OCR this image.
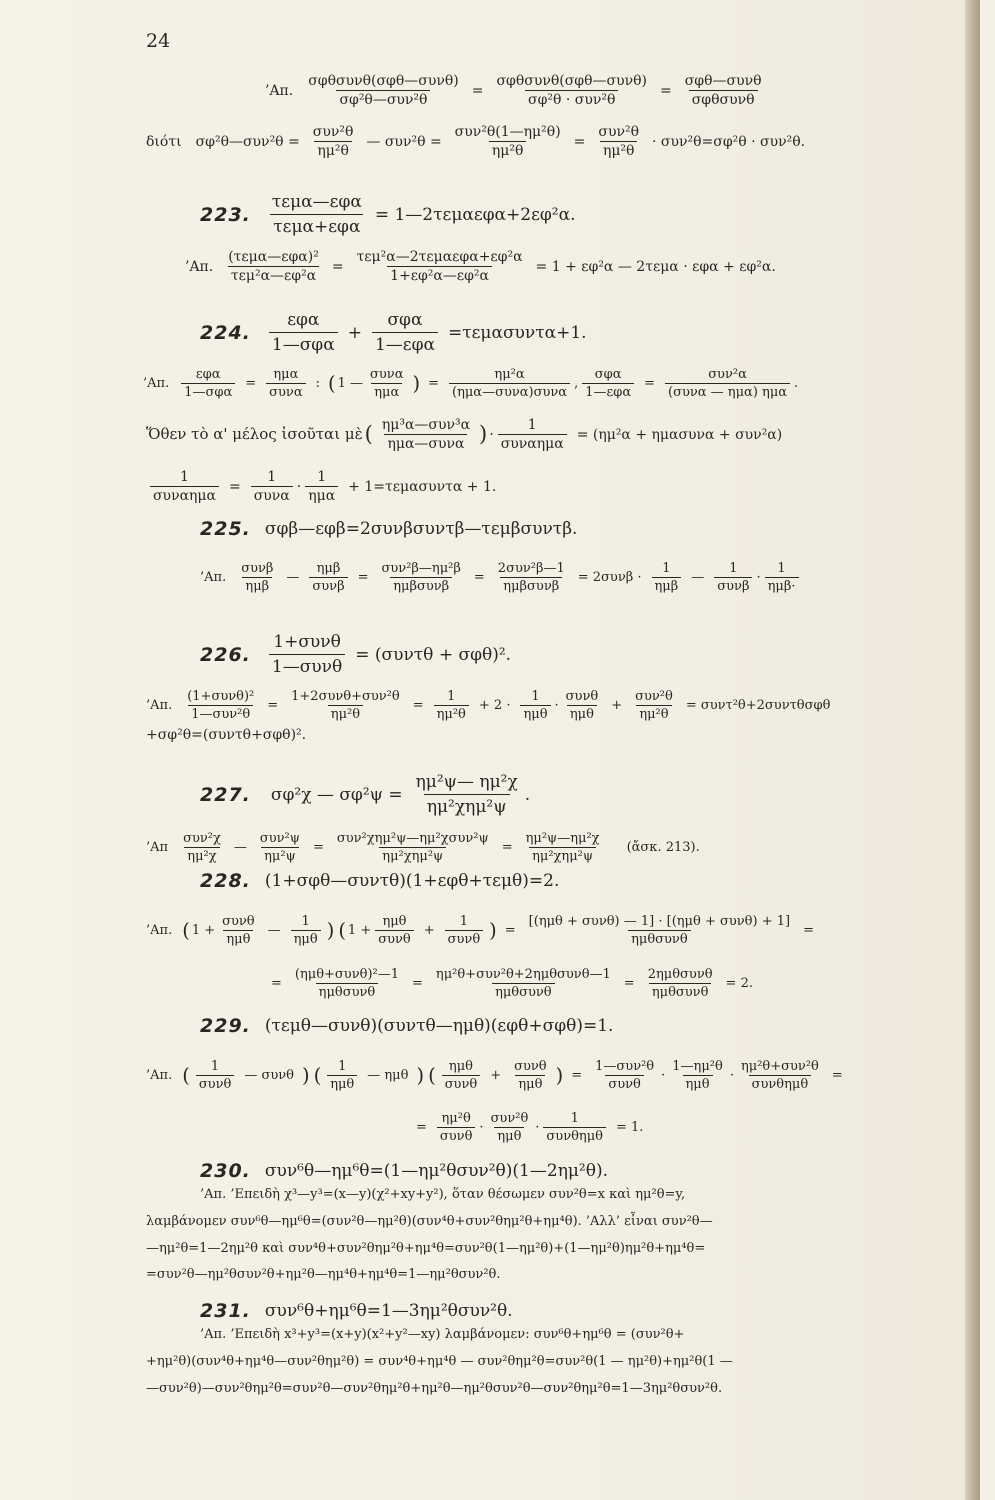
24
’Απ. $\frac{\text{σφθσυνθ(σφθ—συνθ)}}{\text{σφ²θ—συν²θ}} = \frac{\text{σφθσυνθ(σφθ—συνθ)}}{\text{σφ²θ · συν²θ}} = \frac{\text{σφθ—συνθ}}{\text{σφθσυνθ}}$
διότι σφ²θ—συν²θ = $\frac{\text{συν²θ}}{\text{ημ²θ}}$ — $\sigma\upsilon\nu^2\theta = \frac{\text{συν²θ(1—ημ²θ)}}{\text{ημ²θ}} = \frac{\text{συν²θ}}{\text{ημ²θ}} \cdot \sigma\upsilon\nu^2\theta=\sigma\varphi^2\theta \cdot \sigma\upsilon\nu^2\theta$.
223. $\frac{\text{τεμα—εφα}}{\text{τεμα+εφα}}$ = 1—2τεμαεφα+2εφ²α.
’Απ. $\frac{\text{(τεμα—εφα)²}}{\text{τεμ²α—εφ²α}} = \frac{\text{τεμ²α—2τεμαεφα+εφ²α}}{\text{1+εφ²α—εφ²α}} = 1 + \varepsilon\varphi^2\alpha$ — 2τεμα · εφα + εφ²α.
224. $\frac{\text{εφα}}{\text{1—σφα}} + \frac{\text{σφα}}{\text{1—εφα}} =\tau\varepsilon\mu\alpha\sigma\upsilon\nu\tau\alpha+1$.
’Απ. $\frac{\text{εφα}}{\text{1—σφα}} = \frac{\text{ημα}}{\text{συνα}}$ : ( 1 — $\frac{\text{συνα}}{\text{ημα}}$ ) = $\frac{\text{ημ²α}}{\text{(ημα—συνα)συνα}}$ , $\frac{\text{σφα}}{\text{1—εφα}} = \frac{\text{συν²α}}{\text{(συνα — ημα) ημα}}$ .
Ὅθεν τὸ α' μέλος ἰσοῦται μὲ ( $\frac{\text{ημ³α—συν³α}}{\text{ημα—συνα}}$ ) · $\frac{1}{\text{συναημα}} = (\eta\mu^2\alpha + \eta\mu\alpha\sigma\upsilon\nu\alpha + \sigma\upsilon\nu^2\alpha)$
$\frac{1}{\text{συναημα}} = \frac{1}{\text{συνα}} \cdot \frac{1}{\text{ημα}} + 1=\tau\varepsilon\mu\alpha\sigma\upsilon\nu\tau\alpha + 1$.
225. σφβ—εφβ=2συνβσυντβ—τεμβσυντβ.
’Απ. $\frac{\text{συνβ}}{\text{ημβ}}$ — $\frac{\text{ημβ}}{\text{συνβ}} = \frac{\text{συν²β—ημ²β}}{\text{ημβσυνβ}} = \frac{\text{2συν²β—1}}{\text{ημβσυνβ}} = 2\sigma\upsilon\nu\beta \cdot \frac{1}{\text{ημβ}}$ — $\frac{1}{\text{συνβ}} \cdot \frac{1}{\text{ημβ·}}$
226. $\frac{\text{1+συνθ}}{\text{1—συνθ}} = (\sigma\upsilon\nu\tau\theta + \sigma\varphi\theta)^2$.
’Απ. $\frac{\text{(1+συνθ)²}}{\text{1—συν²θ}} = \frac{\text{1+2συνθ+συν²θ}}{\text{ημ²θ}} = \frac{1}{\text{ημ²θ}} + 2 \cdot \frac{1}{\text{ημθ}} \cdot \frac{\text{συνθ}}{\text{ημθ}} + \frac{\text{συν²θ}}{\text{ημ²θ}} = \sigma\upsilon\nu\tau^2\theta+2\sigma\upsilon\nu\tau\theta\sigma\varphi\theta$
+σφ²θ=(συντθ+σφθ)².
227. σφ²χ — $\sigma\varphi^2\psi = \frac{\text{ημ²ψ— ημ²χ}}{\text{ημ²χημ²ψ}}$ .
’Απ $\frac{\text{συν²χ}}{\text{ημ²χ}}$ — $\frac{\text{συν²ψ}}{\text{ημ²ψ}} = \frac{\text{συν²χημ²ψ—ημ²χσυν²ψ}}{\text{ημ²χημ²ψ}} = \frac{\text{ημ²ψ—ημ²χ}}{\text{ημ²χημ²ψ}}$ (ἄσκ. 213).
228. (1+σφθ—συντθ)(1+εφθ+τεμθ)=2.
’Απ. ( $1 + \frac{\text{συνθ}}{\text{ημθ}}$ — $\frac{1}{\text{ημθ}}$ ) ( $1 + \frac{\text{ημθ}}{\text{συνθ}} + \frac{1}{\text{συνθ}}$ ) = $\frac{\text{[(ημθ + συνθ) — 1] · [(ημθ + συνθ) + 1]}}{\text{ημθσυνθ}}$ =
= $\frac{\text{(ημθ+συνθ)²—1}}{\text{ημθσυνθ}} = \frac{\text{ημ²θ+συν²θ+2ημθσυνθ—1}}{\text{ημθσυνθ}} = \frac{\text{2ημθσυνθ}}{\text{ημθσυνθ}} = 2$.
229. (τεμθ—συνθ)(συντθ—ημθ)(εφθ+σφθ)=1.
’Απ. ( $\frac{1}{\text{συνθ}}$ — συνθ ) ( $\frac{1}{\text{ημθ}}$ — ημθ ) ( $\frac{\text{ημθ}}{\text{συνθ}} + \frac{\text{συνθ}}{\text{ημθ}}$ ) = $\frac{\text{1—συν²θ}}{\text{συνθ}} \cdot \frac{\text{1—ημ²θ}}{\text{ημθ}} \cdot \frac{\text{ημ²θ+συν²θ}}{\text{συνθημθ}}$ =
= $\frac{\text{ημ²θ}}{\text{συνθ}} \cdot \frac{\text{συν²θ}}{\text{ημθ}} \cdot \frac{1}{\text{συνθημθ}} = 1$.
230. συν⁶θ—ημ⁶θ=(1—ημ²θσυν²θ)(1—2ημ²θ).
’Απ. ’Επειδὴ χ³—y³=(x—y)(χ²+xy+y²), ὅταν θέσωμεν συν²θ=x καὶ ημ²θ=y,
λαμβάνομεν συν⁶θ—ημ⁶θ=(συν²θ—ημ²θ)(συν⁴θ+συν²θημ²θ+ημ⁴θ). ’Αλλ’ εἶναι συν²θ—
—ημ²θ=1—2ημ²θ καὶ συν⁴θ+συν²θημ²θ+ημ⁴θ=συν²θ(1—ημ²θ)+(1—ημ²θ)ημ²θ+ημ⁴θ=
=συν²θ—ημ²θσυν²θ+ημ²θ—ημ⁴θ+ημ⁴θ=1—ημ²θσυν²θ.
231. συν⁶θ+ημ⁶θ=1—3ημ²θσυν²θ.
’Απ. ’Επειδὴ x³+y³=(x+y)(x²+y²—xy) λαμβάνομεν: συν⁶θ+ημ⁶θ = (συν²θ+
+ημ²θ)(συν⁴θ+ημ⁴θ—συν²θημ²θ) = συν⁴θ+ημ⁴θ — συν²θημ²θ=συν²θ(1 — ημ²θ)+ημ²θ(1 —
—συν²θ)—συν²θημ²θ=συν²θ—συν²θημ²θ+ημ²θ—ημ²θσυν²θ—συν²θημ²θ=1—3ημ²θσυν²θ.
